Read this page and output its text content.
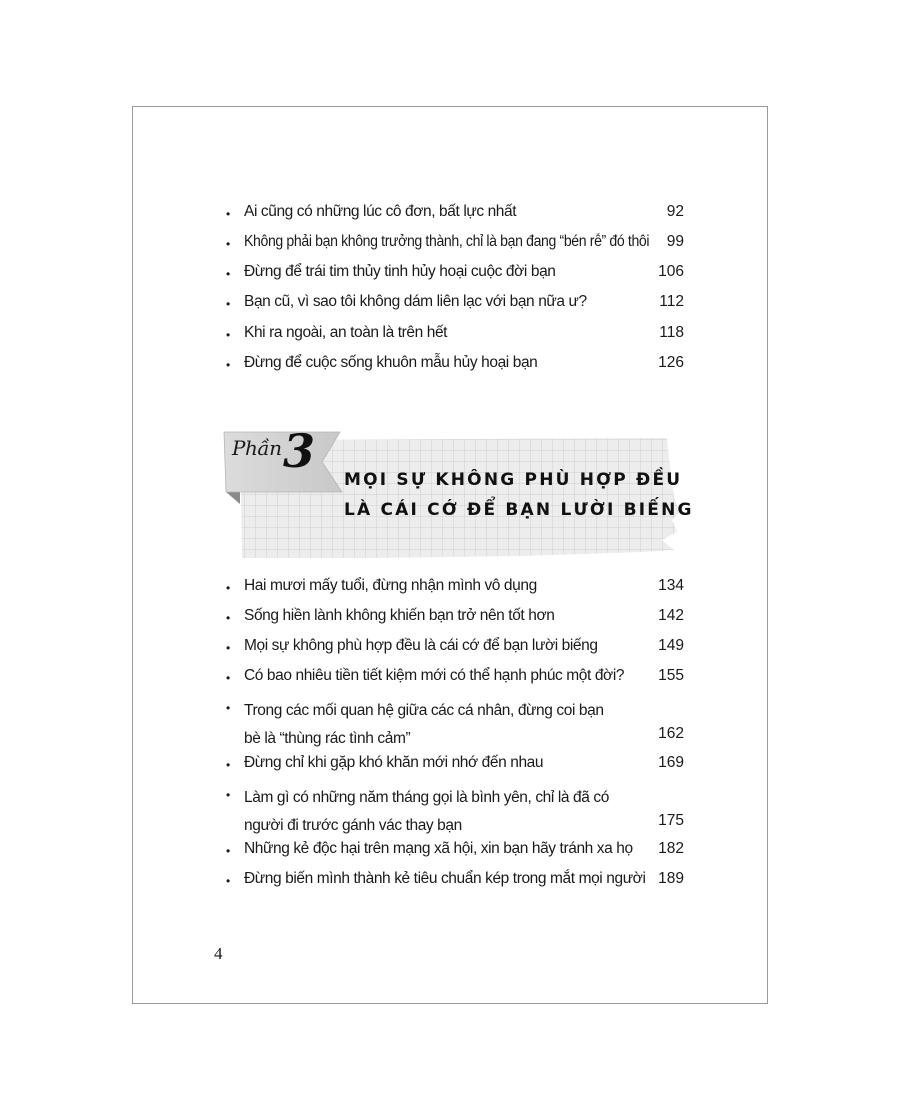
• Ai cũng có những lúc cô đơn, bất lực nhất	92
• Không phải bạn không trưởng thành, chỉ là bạn đang “bén rễ” đó thôi 99
• Đừng để trái tim thủy tinh hủy hoại cuộc đời bạn	106
• Bạn cũ, vì sao tôi không dám liên lạc với bạn nữa ư?	112
• Khi ra ngoài, an toàn là trên hết	118
• Đừng để cuộc sống khuôn mẫu hủy hoại bạn	126
Phần 3
MỌI SỰ KHÔNG PHÙ HỢP ĐỀU
LÀ CÁI CỚ ĐỂ BẠN LƯỜI BIẾNG
• Hai mươi mấy tuổi, đừng nhận mình vô dụng	134
• Sống hiền lành không khiến bạn trở nên tốt hơn	142
• Mọi sự không phù hợp đều là cái cớ để bạn lười biếng	149
• Có bao nhiêu tiền tiết kiệm mới có thể hạnh phúc một đời? 155
• Trong các mối quan hệ giữa các cá nhân, đừng coi bạn bè là “thùng rác tình cảm”	162
• Đừng chỉ khi gặp khó khăn mới nhớ đến nhau	169
• Làm gì có những năm tháng gọi là bình yên, chỉ là đã có người đi trước gánh vác thay bạn	175
• Những kẻ độc hại trên mạng xã hội, xin bạn hãy tránh xa họ 182
• Đừng biến mình thành kẻ tiêu chuẩn kép trong mắt mọi người 189
4
